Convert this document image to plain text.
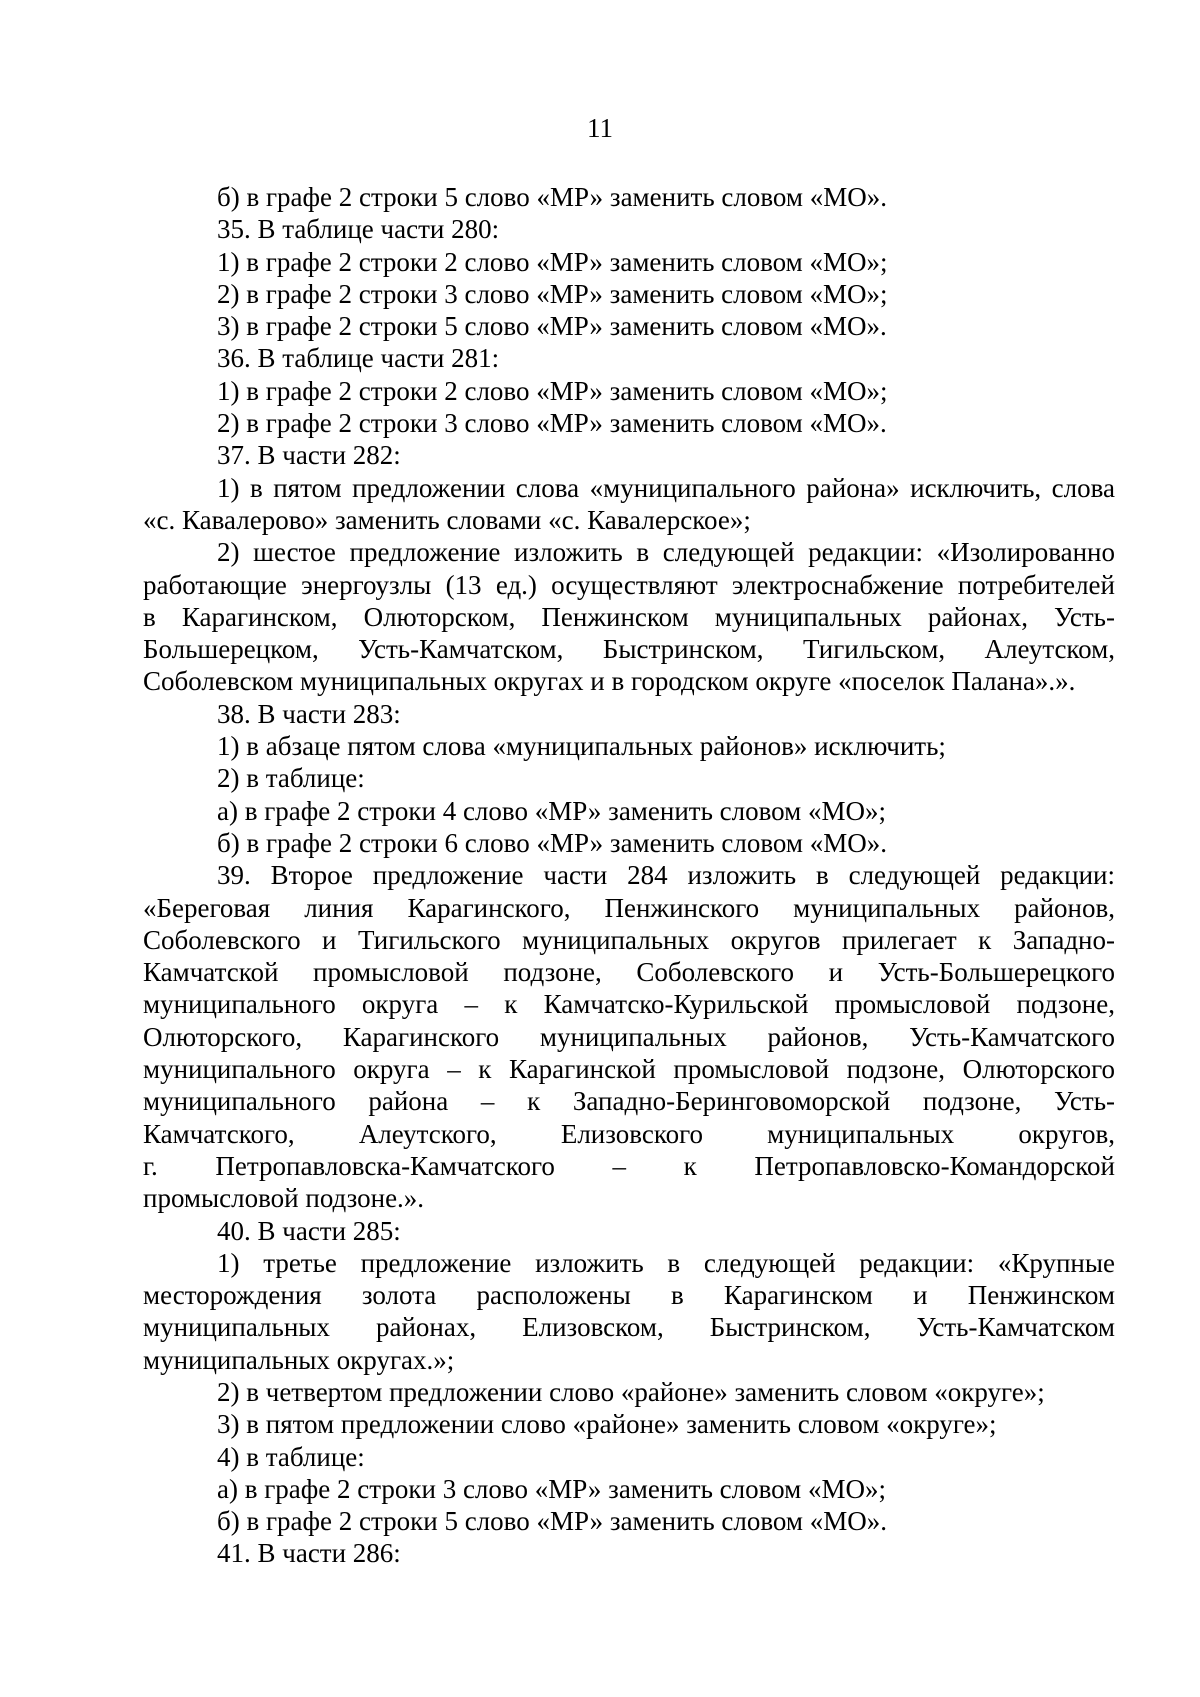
11
б) в графе 2 строки 5 слово «МР» заменить словом «МО».
35. В таблице части 280:
1) в графе 2 строки 2 слово «МР» заменить словом «МО»;
2) в графе 2 строки 3 слово «МР» заменить словом «МО»;
3) в графе 2 строки 5 слово «МР» заменить словом «МО».
36. В таблице части 281:
1) в графе 2 строки 2 слово «МР» заменить словом «МО»;
2) в графе 2 строки 3 слово «МР» заменить словом «МО».
37. В части 282:
1) в пятом предложении слова «муниципального района» исключить, слова
«с. Кавалерово» заменить словами «с. Кавалерское»;
2) шестое предложение изложить в следующей редакции: «Изолированно
работающие энергоузлы (13 ед.) осуществляют электроснабжение потребителей
в Карагинском, Олюторском, Пенжинском муниципальных районах, Усть-
Большерецком, Усть-Камчатском, Быстринском, Тигильском, Алеутском,
Соболевском муниципальных округах и в городском округе «поселок Палана».».
38. В части 283:
1) в абзаце пятом слова «муниципальных районов» исключить;
2) в таблице:
а) в графе 2 строки 4 слово «МР» заменить словом «МО»;
б) в графе 2 строки 6 слово «МР» заменить словом «МО».
39. Второе предложение части 284 изложить в следующей редакции:
«Береговая линия Карагинского, Пенжинского муниципальных районов,
Соболевского и Тигильского муниципальных округов прилегает к Западно-
Камчатской промысловой подзоне, Соболевского и Усть-Большерецкого
муниципального округа – к Камчатско-Курильской промысловой подзоне,
Олюторского, Карагинского муниципальных районов, Усть-Камчатского
муниципального округа – к Карагинской промысловой подзоне, Олюторского
муниципального района – к Западно-Беринговоморской подзоне, Усть-
Камчатского, Алеутского, Елизовского муниципальных округов,
г. Петропавловска-Камчатского – к Петропавловско-Командорской
промысловой подзоне.».
40. В части 285:
1) третье предложение изложить в следующей редакции: «Крупные
месторождения золота расположены в Карагинском и Пенжинском
муниципальных районах, Елизовском, Быстринском, Усть-Камчатском
муниципальных округах.»;
2) в четвертом предложении слово «районе» заменить словом «округе»;
3) в пятом предложении слово «районе» заменить словом «округе»;
4) в таблице:
а) в графе 2 строки 3 слово «МР» заменить словом «МО»;
б) в графе 2 строки 5 слово «МР» заменить словом «МО».
41. В части 286:
